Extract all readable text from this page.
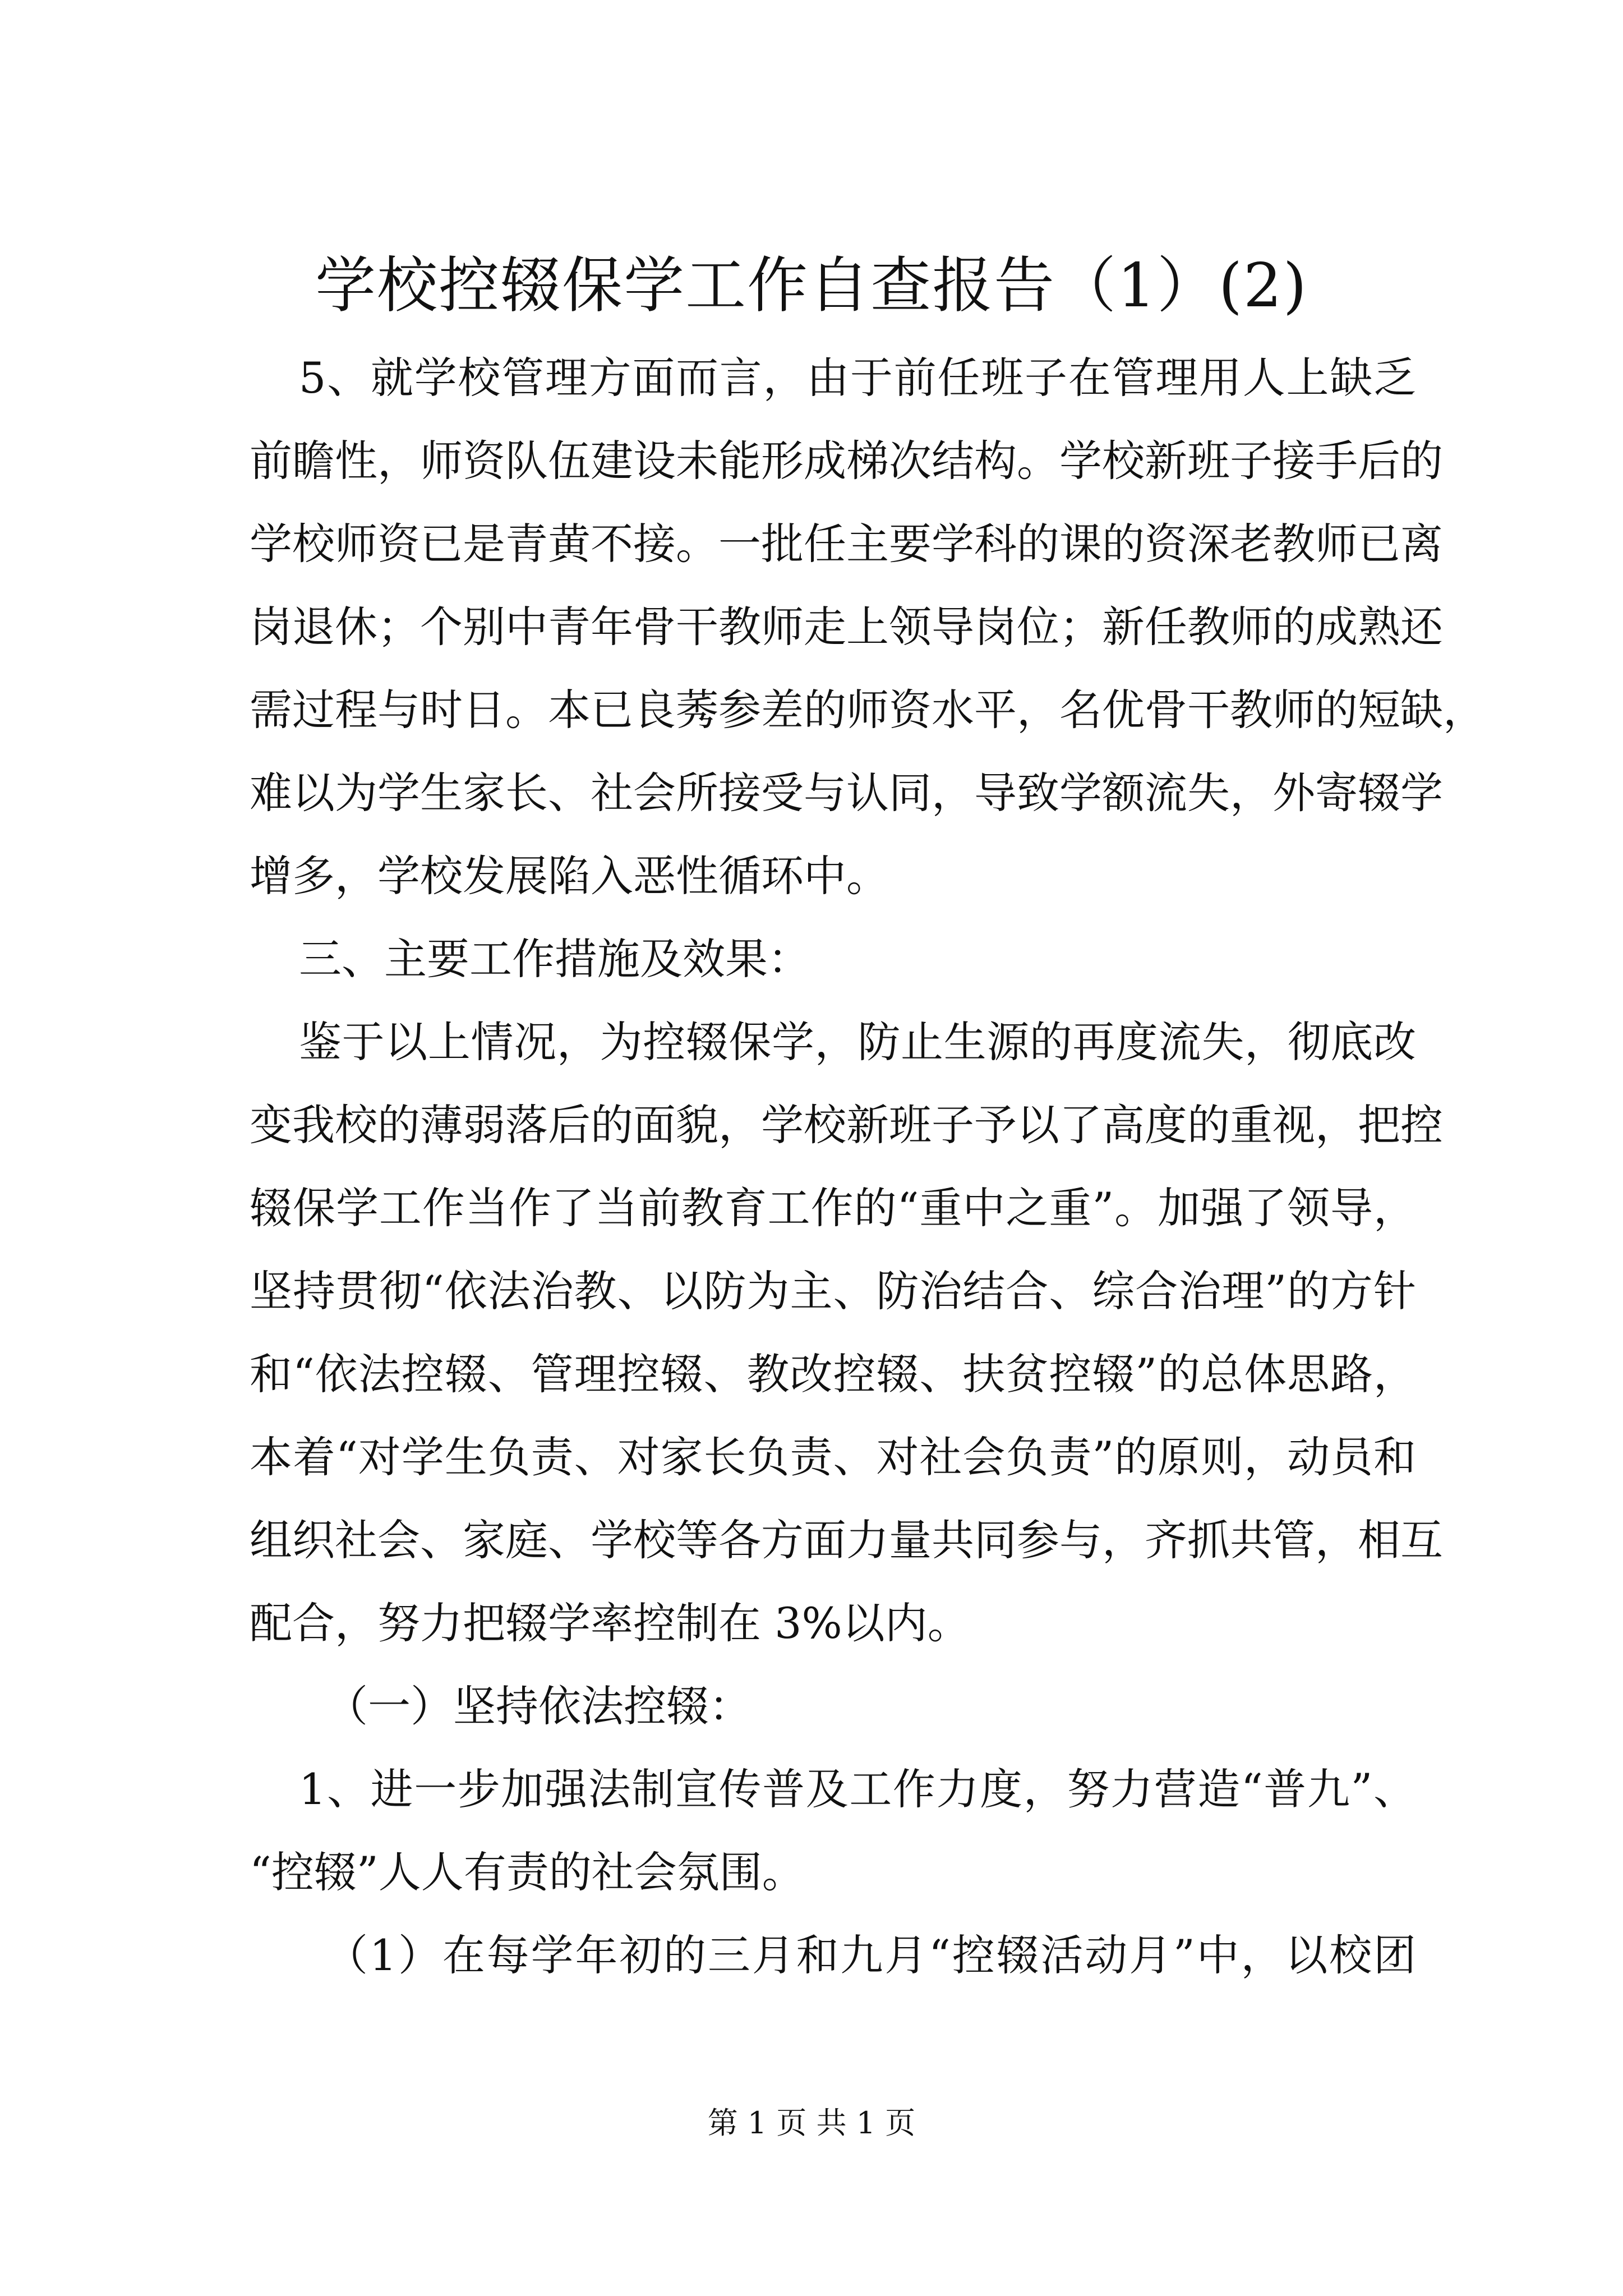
学校控辍保学工作自查报告（1）(2)
5、就学校管理方面而言，由于前任班子在管理用人上缺乏
前瞻性，师资队伍建设未能形成梯次结构。学校新班子接手后的
学校师资已是青黄不接。一批任主要学科的课的资深老教师已离
岗退休；个别中青年骨干教师走上领导岗位；新任教师的成熟还
需过程与时日。本已良莠参差的师资水平，名优骨干教师的短缺，
难以为学生家长、社会所接受与认同，导致学额流失，外寄辍学
增多，学校发展陷入恶性循环中。
三、主要工作措施及效果：
鉴于以上情况，为控辍保学，防止生源的再度流失，彻底改
变我校的薄弱落后的面貌，学校新班子予以了高度的重视，把控
辍保学工作当作了当前教育工作的“重中之重”。加强了领导，
坚持贯彻“依法治教、以防为主、防治结合、综合治理”的方针
和“依法控辍、管理控辍、教改控辍、扶贫控辍”的总体思路，
本着“对学生负责、对家长负责、对社会负责”的原则，动员和
组织社会、家庭、学校等各方面力量共同参与，齐抓共管，相互
配合，努力把辍学率控制在 3%以内。
（一）坚持依法控辍：
1、进一步加强法制宣传普及工作力度，努力营造“普九”、
“控辍”人人有责的社会氛围。
（1）在每学年初的三月和九月“控辍活动月”中，以校团
第 1 页 共 1 页
